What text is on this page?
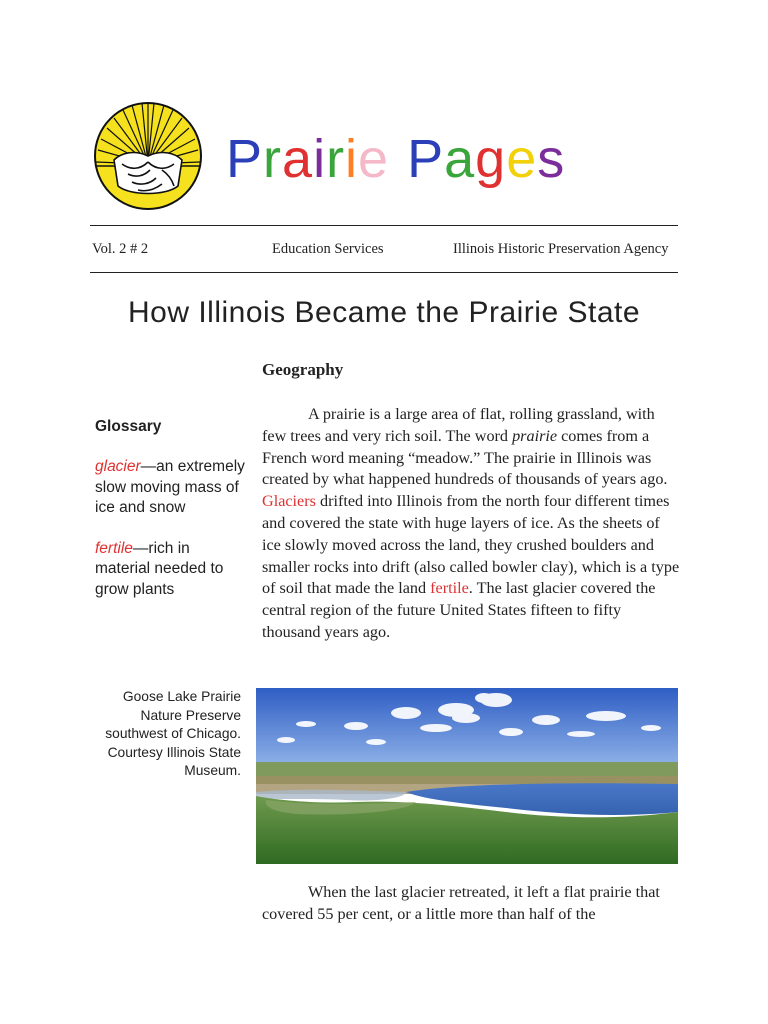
Prairie Pages
Vol. 2 # 2	Education Services	Illinois Historic Preservation Agency
How Illinois Became the Prairie State
Geography
Glossary

glacier—an extremely slow moving mass of ice and snow

fertile—rich in material needed to grow plants

A prairie is a large area of flat, rolling grassland, with few trees and very rich soil. The word prairie comes from a French word meaning “meadow.” The prairie in Illinois was created by what happened hundreds of thousands of years ago. Glaciers drifted into Illinois from the north four different times and covered the state with huge layers of ice. As the sheets of ice slowly moved across the land, they crushed boulders and smaller rocks into drift (also called bowler clay), which is a type of soil that made the land fertile. The last glacier covered the central region of the future United States fifteen to fifty thousand years ago.

Goose Lake Prairie Nature Preserve southwest of Chicago. Courtesy Illinois State Museum.

When the last glacier retreated, it left a flat prairie that covered 55 per cent, or a little more than half of the
